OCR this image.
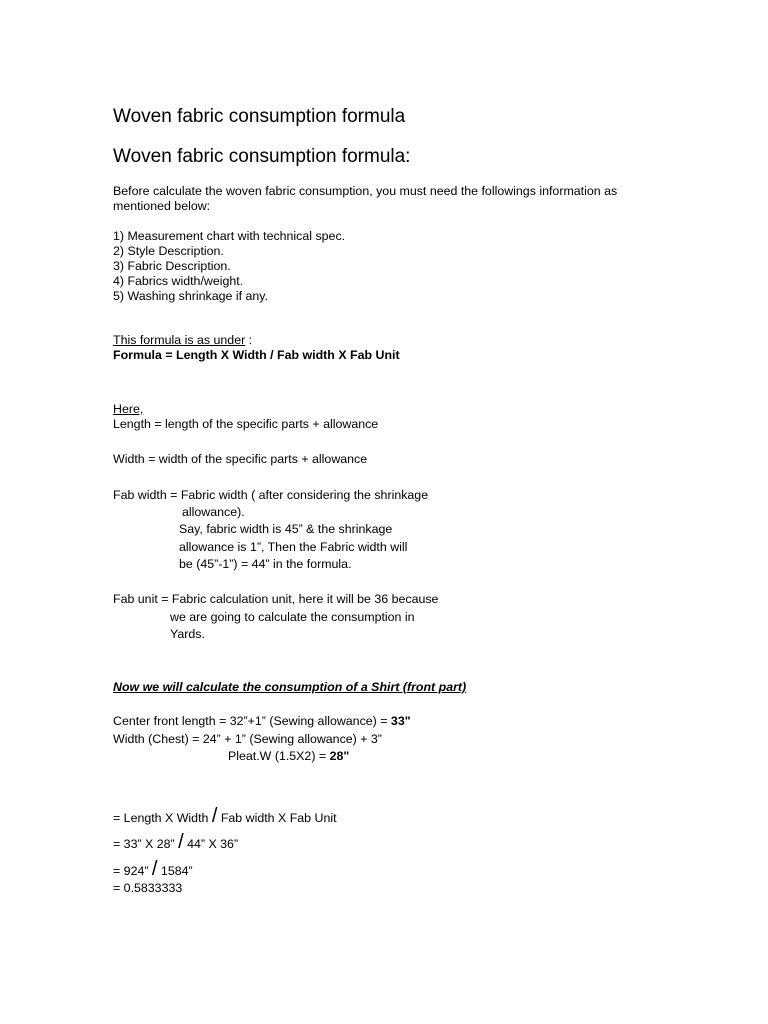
Woven fabric consumption formula
Woven fabric consumption formula:
Before calculate the woven fabric consumption, you must need the followings information as
mentioned below:
1) Measurement chart with technical spec.
2) Style Description.
3) Fabric Description.
4) Fabrics width/weight.
5) Washing shrinkage if any.
This formula is as under :
Formula = Length X Width / Fab width X Fab Unit
Here,
Length = length of the specific parts + allowance
Width = width of the specific parts + allowance
Fab width = Fabric width ( after considering the shrinkage
allowance).
Say, fabric width is 45” & the shrinkage
allowance is 1”, Then the Fabric width will
be (45”-1”) = 44” in the formula.
Fab unit = Fabric calculation unit, here it will be 36 because
we are going to calculate the consumption in
Yards.
Now we will calculate the consumption of a Shirt (front part)
Center front length = 32”+1” (Sewing allowance) = 33"
Width (Chest) = 24” + 1” (Sewing allowance) + 3”
Pleat.W (1.5X2) = 28"
= Length X Width / Fab width X Fab Unit
= 33” X 28” / 44” X 36”
= 924” / 1584”
= 0.5833333
